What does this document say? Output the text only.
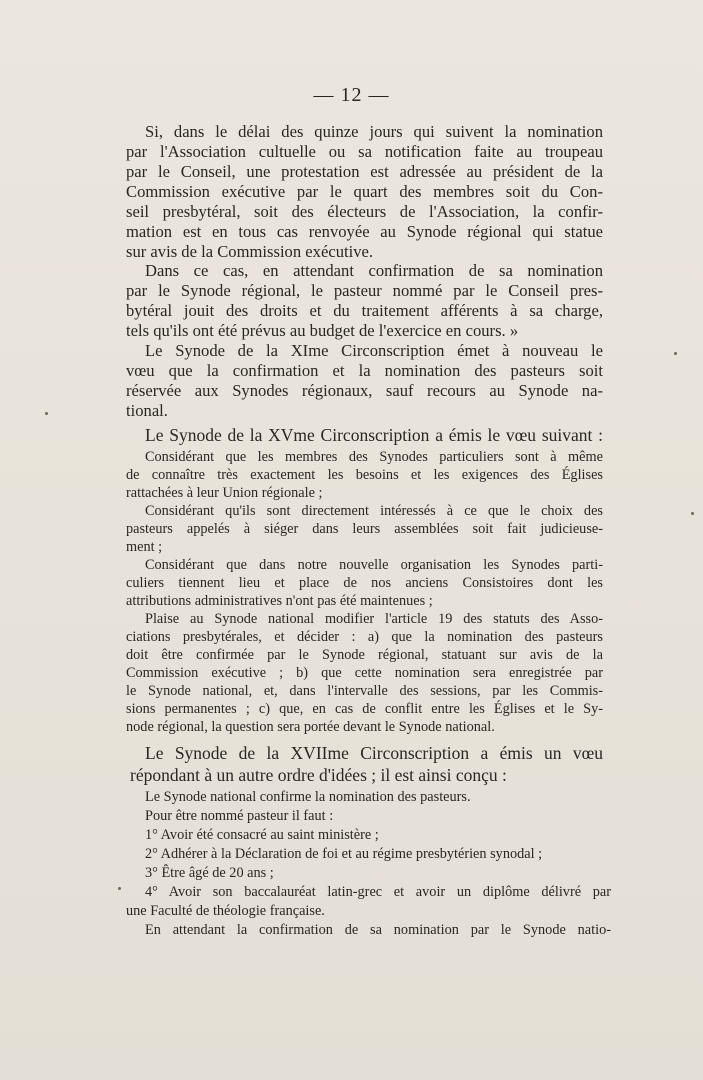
— 12 —

Si, dans le délai des quinze jours qui suivent la nomination

par l'Association cultuelle ou sa notification faite au troupeau

par le Conseil, une protestation est adressée au président de la

Commission exécutive par le quart des membres soit du Con-

seil presbytéral, soit des électeurs de l'Association, la confir-

mation est en tous cas renvoyée au Synode régional qui statue

sur avis de la Commission exécutive.

Dans ce cas, en attendant confirmation de sa nomination

par le Synode régional, le pasteur nommé par le Conseil pres-

bytéral jouit des droits et du traitement afférents à sa charge,

tels qu'ils ont été prévus au budget de l'exercice en cours. »

Le Synode de la XIme Circonscription émet à nouveau le

vœu que la confirmation et la nomination des pasteurs soit

réservée aux Synodes régionaux, sauf recours au Synode na-

tional.

Le Synode de la XVme Circonscription a émis le vœu suivant :

Considérant que les membres des Synodes particuliers sont à même

de connaître très exactement les besoins et les exigences des Églises

rattachées à leur Union régionale ;

Considérant qu'ils sont directement intéressés à ce que le choix des

pasteurs appelés à siéger dans leurs assemblées soit fait judicieuse-

ment ;

Considérant que dans notre nouvelle organisation les Synodes parti-

culiers tiennent lieu et place de nos anciens Consistoires dont les

attributions administratives n'ont pas été maintenues ;

Plaise au Synode national modifier l'article 19 des statuts des Asso-

ciations presbytérales, et décider : a) que la nomination des pasteurs

doit être confirmée par le Synode régional, statuant sur avis de la

Commission exécutive ; b) que cette nomination sera enregistrée par

le Synode national, et, dans l'intervalle des sessions, par les Commis-

sions permanentes ; c) que, en cas de conflit entre les Églises et le Sy-

node régional, la question sera portée devant le Synode national.

Le Synode de la XVIIme Circonscription a émis un vœu

répondant à un autre ordre d'idées ; il est ainsi conçu :

Le Synode national confirme la nomination des pasteurs.

Pour être nommé pasteur il faut :

1° Avoir été consacré au saint ministère ;

2° Adhérer à la Déclaration de foi et au régime presbytérien synodal ;

3° Être âgé de 20 ans ;

4° Avoir son baccalauréat latin-grec et avoir un diplôme délivré par

une Faculté de théologie française.

En attendant la confirmation de sa nomination par le Synode natio-
